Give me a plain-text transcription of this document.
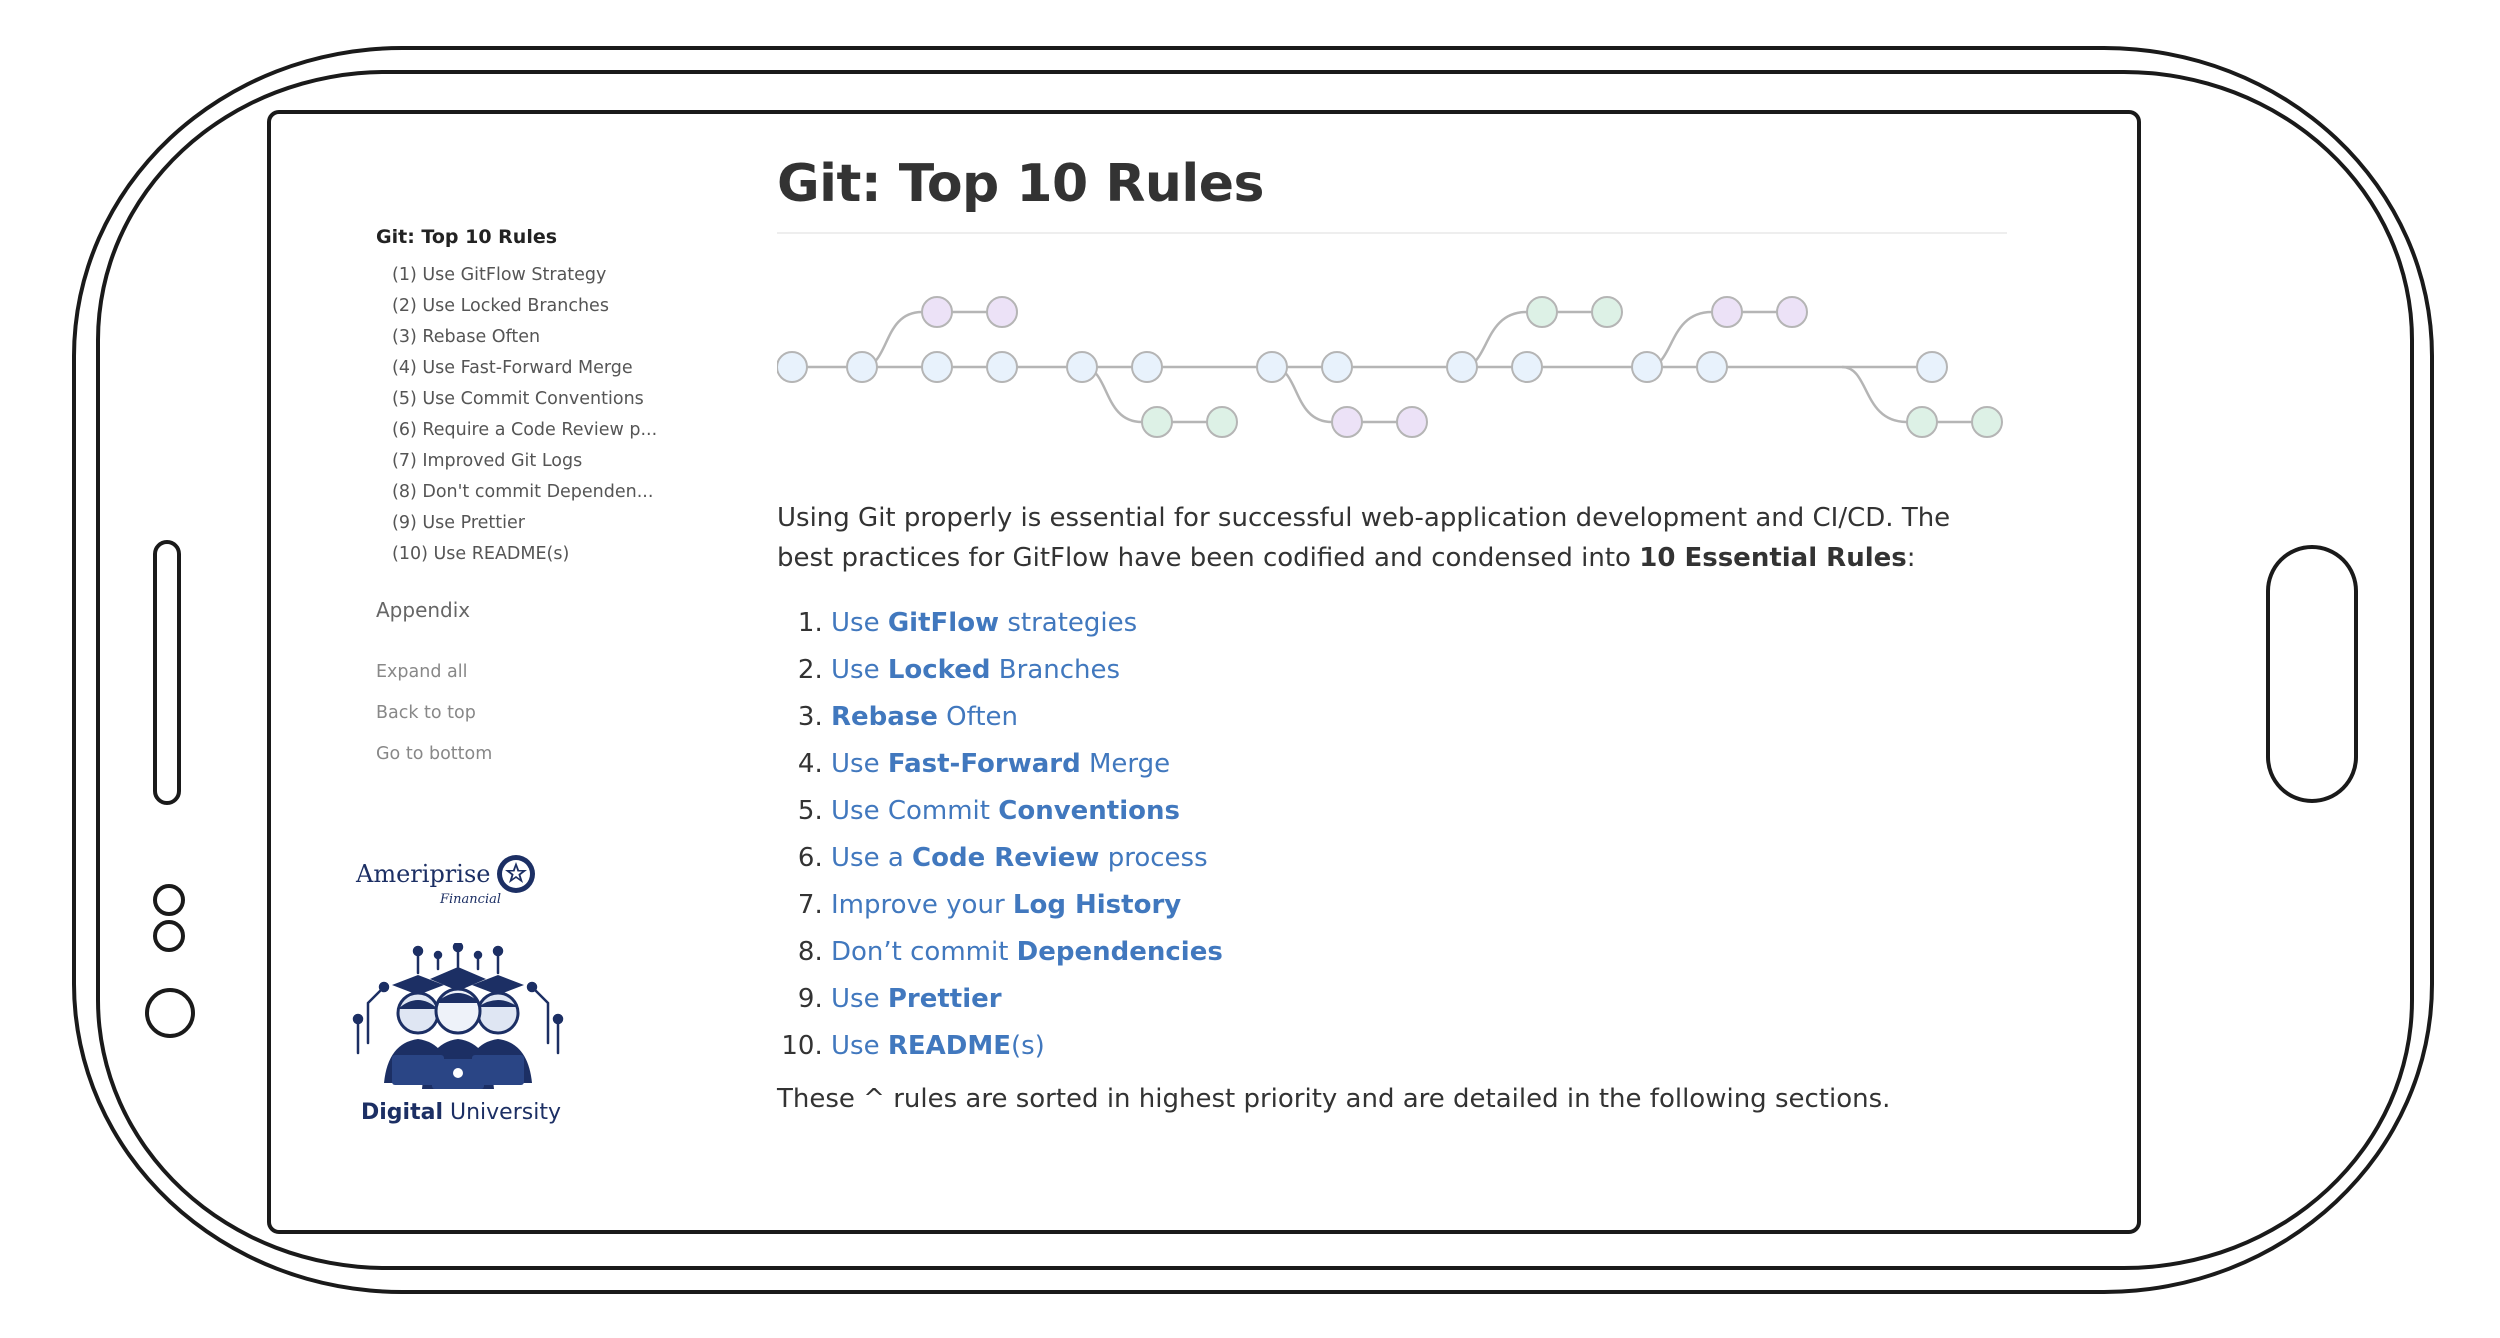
Git: Top 10 Rules
(1) Use GitFlow Strategy
(2) Use Locked Branches
(3) Rebase Often
(4) Use Fast-Forward Merge
(5) Use Commit Conventions
(6) Require a Code Review p...
(7) Improved Git Logs
(8) Don't commit Dependen...
(9) Use Prettier
(10) Use README(s)
Appendix
Expand all
Back to top
Go to bottom
Ameriprise
Financial
Digital University
Git: Top 10 Rules

Using Git properly is essential for successful web-application development and CI/CD. The best practices for GitFlow have been codified and condensed into 10 Essential Rules:

1. Use GitFlow strategies
2. Use Locked Branches
3. Rebase Often
4. Use Fast-Forward Merge
5. Use Commit Conventions
6. Use a Code Review process
7. Improve your Log History
8. Don’t commit Dependencies
9. Use Prettier
10. Use README(s)
These ^ rules are sorted in highest priority and are detailed in the following sections.
